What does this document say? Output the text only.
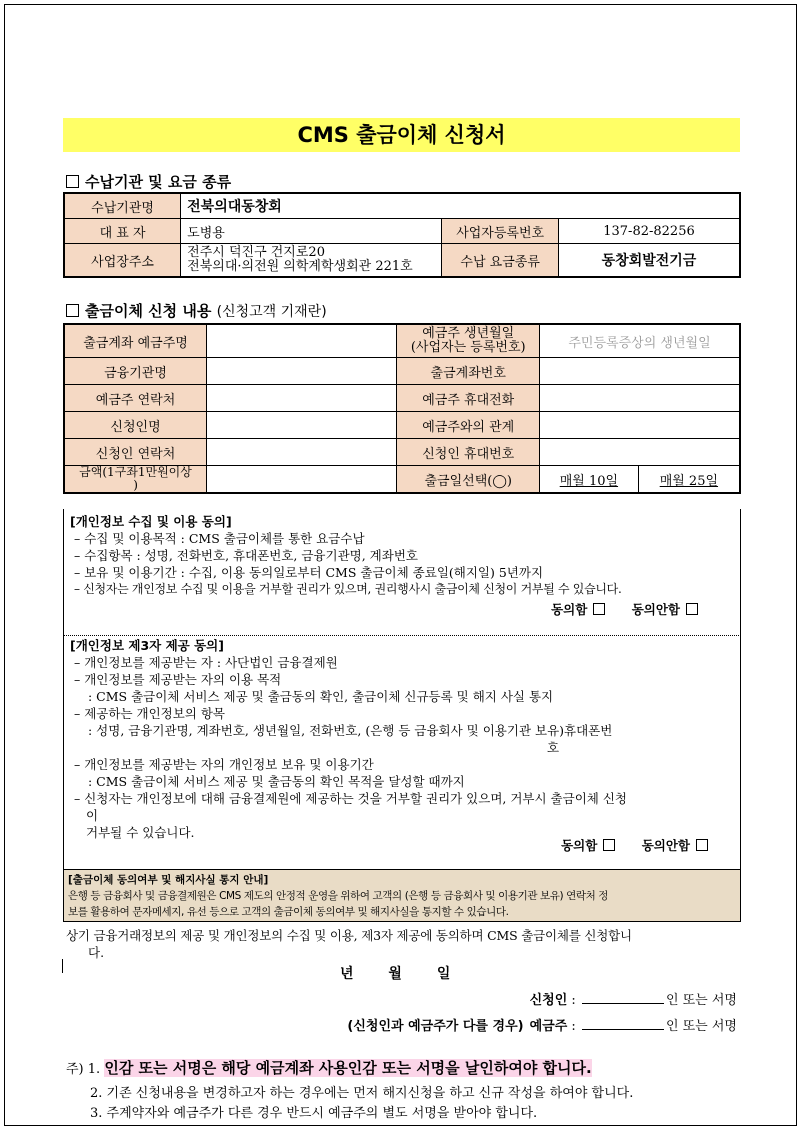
CMS 출금이체 신청서
수납기관 및 요금 종류
수납기관명	전북의대동창회		
대 표 자	도병용	사업자등록번호	137-82-82256
사업장주소	전주시 덕진구 건지로20
전북의대·의전원 의학계학생회관 221호	수납 요금종류	동창회발전기금
출금이체 신청 내용 (신청고객 기재란)
출금계좌 예금주명		예금주 생년월일
(사업자는 등록번호)	주민등록증상의 생년월일	
금융기관명		출금계좌번호		
예금주 연락처		예금주 휴대전화		
신청인명		예금주와의 관계		
신청인 연락처		신청인 휴대번호		

금액(1구좌1만원이상
)		출금일선택(◯)	매월 10일	매월 25일
[개인정보 수집 및 이용 동의]
– 수집 및 이용목적 : CMS 출금이체를 통한 요금수납
– 수집항목 : 성명, 전화번호, 휴대폰번호, 금융기관명, 계좌번호
– 보유 및 이용기간 : 수집, 이용 동의일로부터 CMS 출금이체 종료일(해지일) 5년까지
– 신청자는 개인정보 수집 및 이용을 거부할 권리가 있으며, 권리행사시 출금이체 신청이 거부될 수 있습니다.
동의함	동의안함
[개인정보 제3자 제공 동의]
– 개인정보를 제공받는 자 : 사단법인 금융결제원
– 개인정보를 제공받는 자의 이용 목적
: CMS 출금이체 서비스 제공 및 출금동의 확인, 출금이체 신규등록 및 해지 사실 통지
– 제공하는 개인정보의 항목
: 성명, 금융기관명, 계좌번호, 생년월일, 전화번호, (은행 등 금융회사 및 이용기관 보유)휴대폰번
호
– 개인정보를 제공받는 자의 개인정보 보유 및 이용기간
: CMS 출금이체 서비스 제공 및 출금동의 확인 목적을 달성할 때까지
– 신청자는 개인정보에 대해 금융결제원에 제공하는 것을 거부할 권리가 있으며, 거부시 출금이체 신청
이
거부될 수 있습니다.
동의함	동의안함
[출금이체 동의여부 및 해지사실 통지 안내]
은행 등 금융회사 및 금융결제원은 CMS 제도의 안정적 운영을 위하여 고객의 (은행 등 금융회사 및 이용기관 보유) 연락처 정
보를 활용하여 문자메세지, 유선 등으로 고객의 출금이체 동의여부 및 해지사실을 통지할 수 있습니다.
상기 금융거래정보의 제공 및 개인정보의 수집 및 이용, 제3자 제공에 동의하며 CMS 출금이체를 신청합니
다.
년 월 일
신청인 :	인 또는 서명
(신청인과 예금주가 다를 경우) 예금주 :	인 또는 서명
주) 1. 인감 또는 서명은 해당 예금계좌 사용인감 또는 서명을 날인하여야 합니다.
2. 기존 신청내용을 변경하고자 하는 경우에는 먼저 해지신청을 하고 신규 작성을 하여야 합니다.
3. 주계약자와 예금주가 다른 경우 반드시 예금주의 별도 서명을 받아야 합니다.
